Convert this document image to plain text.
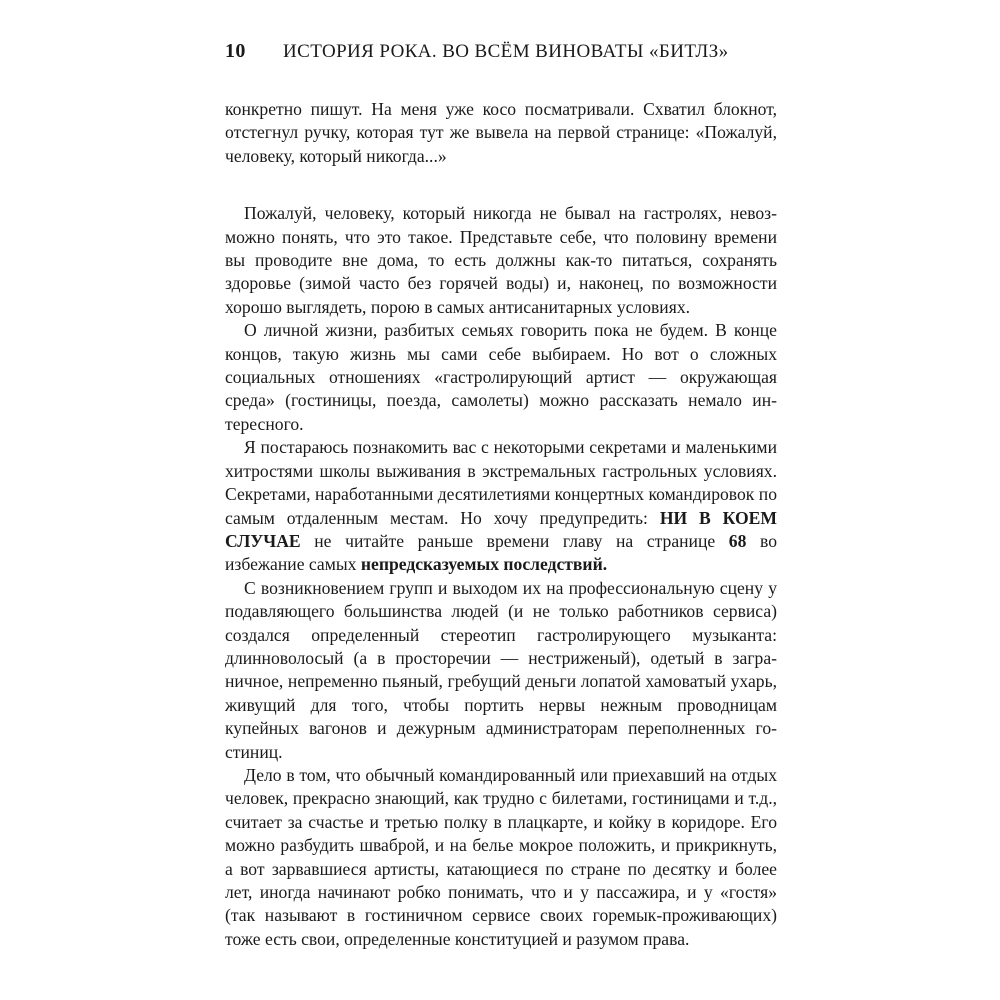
10	ИСТОРИЯ РОКА. ВО ВСЁМ ВИНОВАТЫ «БИТЛЗ»

конкретно пишут. На меня уже косо посматривали. Схватил блокнот, отстегнул ручку, которая тут же вывела на первой странице: «Пожалуй, человеку, который никогда...»

Пожалуй, человеку, который никогда не бывал на гастролях, невозможно понять, что это такое. Представьте себе, что половину времени вы проводите вне дома, то есть должны как-то питаться, сохранять здоровье (зимой часто без горячей воды) и, наконец, по возможности хорошо выглядеть, порою в самых антисанитарных условиях.

О личной жизни, разбитых семьях говорить пока не будем. В конце концов, такую жизнь мы сами себе выбираем. Но вот о сложных социальных отношениях «гастролирующий артист — окружающая среда» (гостиницы, поезда, самолеты) можно рассказать немало интересного.

Я постараюсь познакомить вас с некоторыми секретами и маленькими хитростями школы выживания в экстремальных гастрольных условиях. Секретами, наработанными десятилетиями концертных командировок по самым отдаленным местам. Но хочу предупредить: НИ В КОЕМ СЛУЧАЕ не читайте раньше времени главу на странице 68 во избежание самых непредсказуемых последствий.

С возникновением групп и выходом их на профессиональную сцену у подавляющего большинства людей (и не только работников сервиса) создался определенный стереотип гастролирующего музыканта: длинноволосый (а в просторечии — нестриженый), одетый в заграничное, непременно пьяный, гребущий деньги лопатой хамоватый ухарь, живущий для того, чтобы портить нервы нежным проводницам купейных вагонов и дежурным администраторам переполненных гостиниц.

Дело в том, что обычный командированный или приехавший на отдых человек, прекрасно знающий, как трудно с билетами, гостиницами и т.д., считает за счастье и третью полку в плацкарте, и койку в коридоре. Его можно разбудить шваброй, и на белье мокрое положить, и прикрикнуть, а вот зарвавшиеся артисты, катающиеся по стране по десятку и более лет, иногда начинают робко понимать, что и у пассажира, и у «гостя» (так называют в гостиничном сервисе своих горемык-проживающих) тоже есть свои, определенные конституцией и разумом права.
